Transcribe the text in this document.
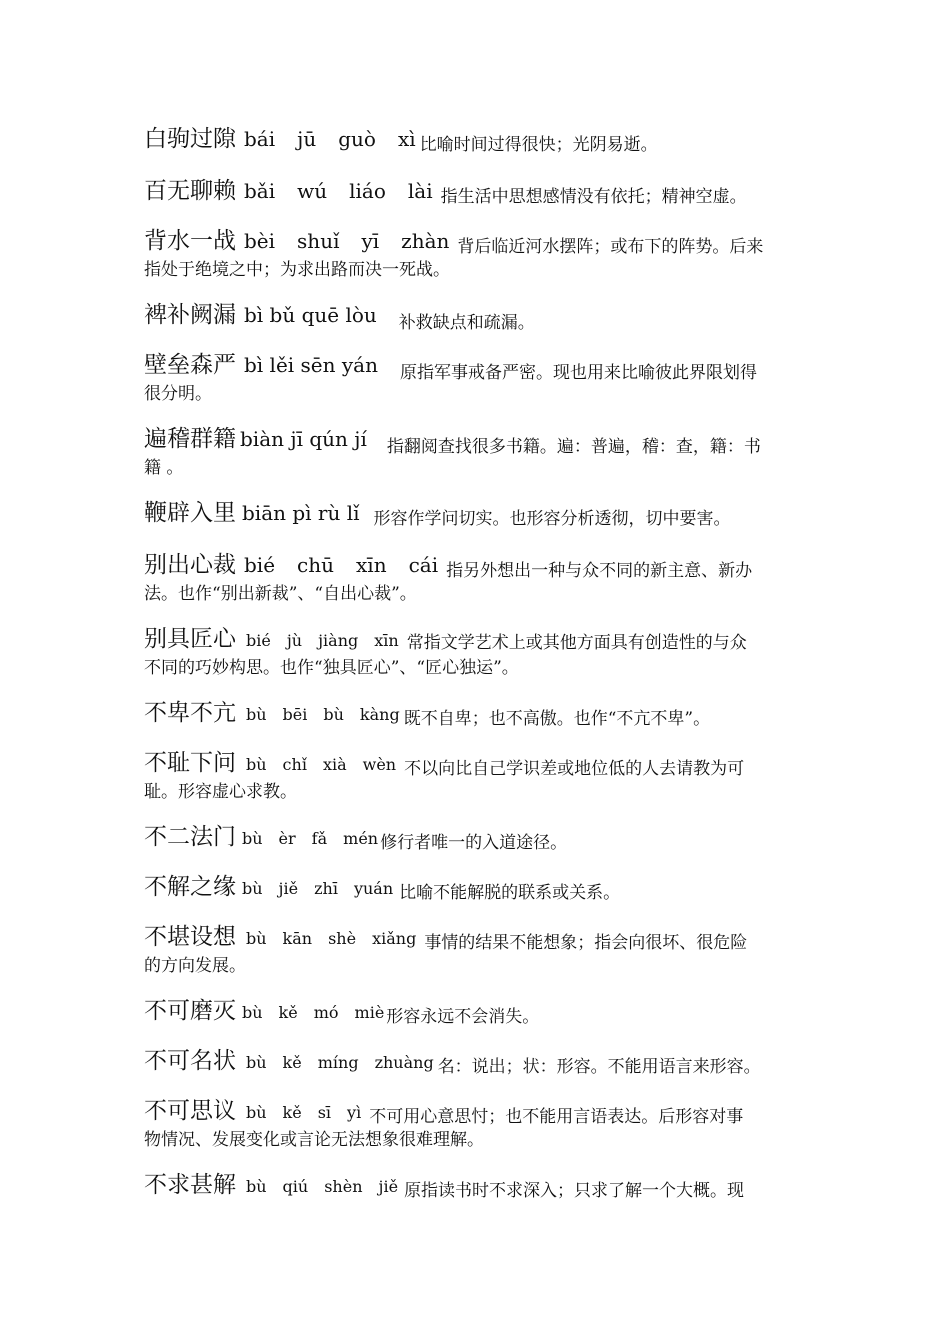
白驹过隙 bái jū guò xì 比喻时间过得很快；光阴易逝。
百无聊赖 bǎi wú liáo lài 指生活中思想感情没有依托；精神空虚。
背水一战 bèi shuǐ yī zhàn 背后临近河水摆阵；或布下的阵势。后来
指处于绝境之中；为求出路而决一死战。
裨补阙漏 bì bǔ quē lòu 补救缺点和疏漏。
壁垒森严 bì lěi sēn yán 原指军事戒备严密。现也用来比喻彼此界限划得
很分明。
遍稽群籍 biàn jī qún jí 指翻阅查找很多书籍。遍：普遍，稽：查，籍：书
籍 。
鞭辟入里 biān pì rù lǐ 形容作学问切实。也形容分析透彻，切中要害。
别出心裁 bié chū xīn cái 指另外想出一种与众不同的新主意、新办
法。也作“别出新裁”、“自出心裁”。
别具匠心 bié jù jiàng xīn 常指文学艺术上或其他方面具有创造性的与众
不同的巧妙构思。也作“独具匠心”、“匠心独运”。
不卑不亢 bù bēi bù kàng 既不自卑；也不高傲。也作“不亢不卑”。
不耻下问 bù chǐ xià wèn 不以向比自己学识差或地位低的人去请教为可
耻。形容虚心求教。
不二法门 bù èr fǎ mén 修行者唯一的入道途径。
不解之缘 bù jiě zhī yuán 比喻不能解脱的联系或关系。
不堪设想 bù kān shè xiǎng 事情的结果不能想象；指会向很坏、很危险
的方向发展。
不可磨灭 bù kě mó miè 形容永远不会消失。
不可名状 bù kě míng zhuàng 名：说出；状：形容。不能用语言来形容。
不可思议 bù kě sī yì 不可用心意思忖；也不能用言语表达。后形容对事
物情况、发展变化或言论无法想象很难理解。
不求甚解 bù qiú shèn jiě 原指读书时不求深入；只求了解一个大概。现
